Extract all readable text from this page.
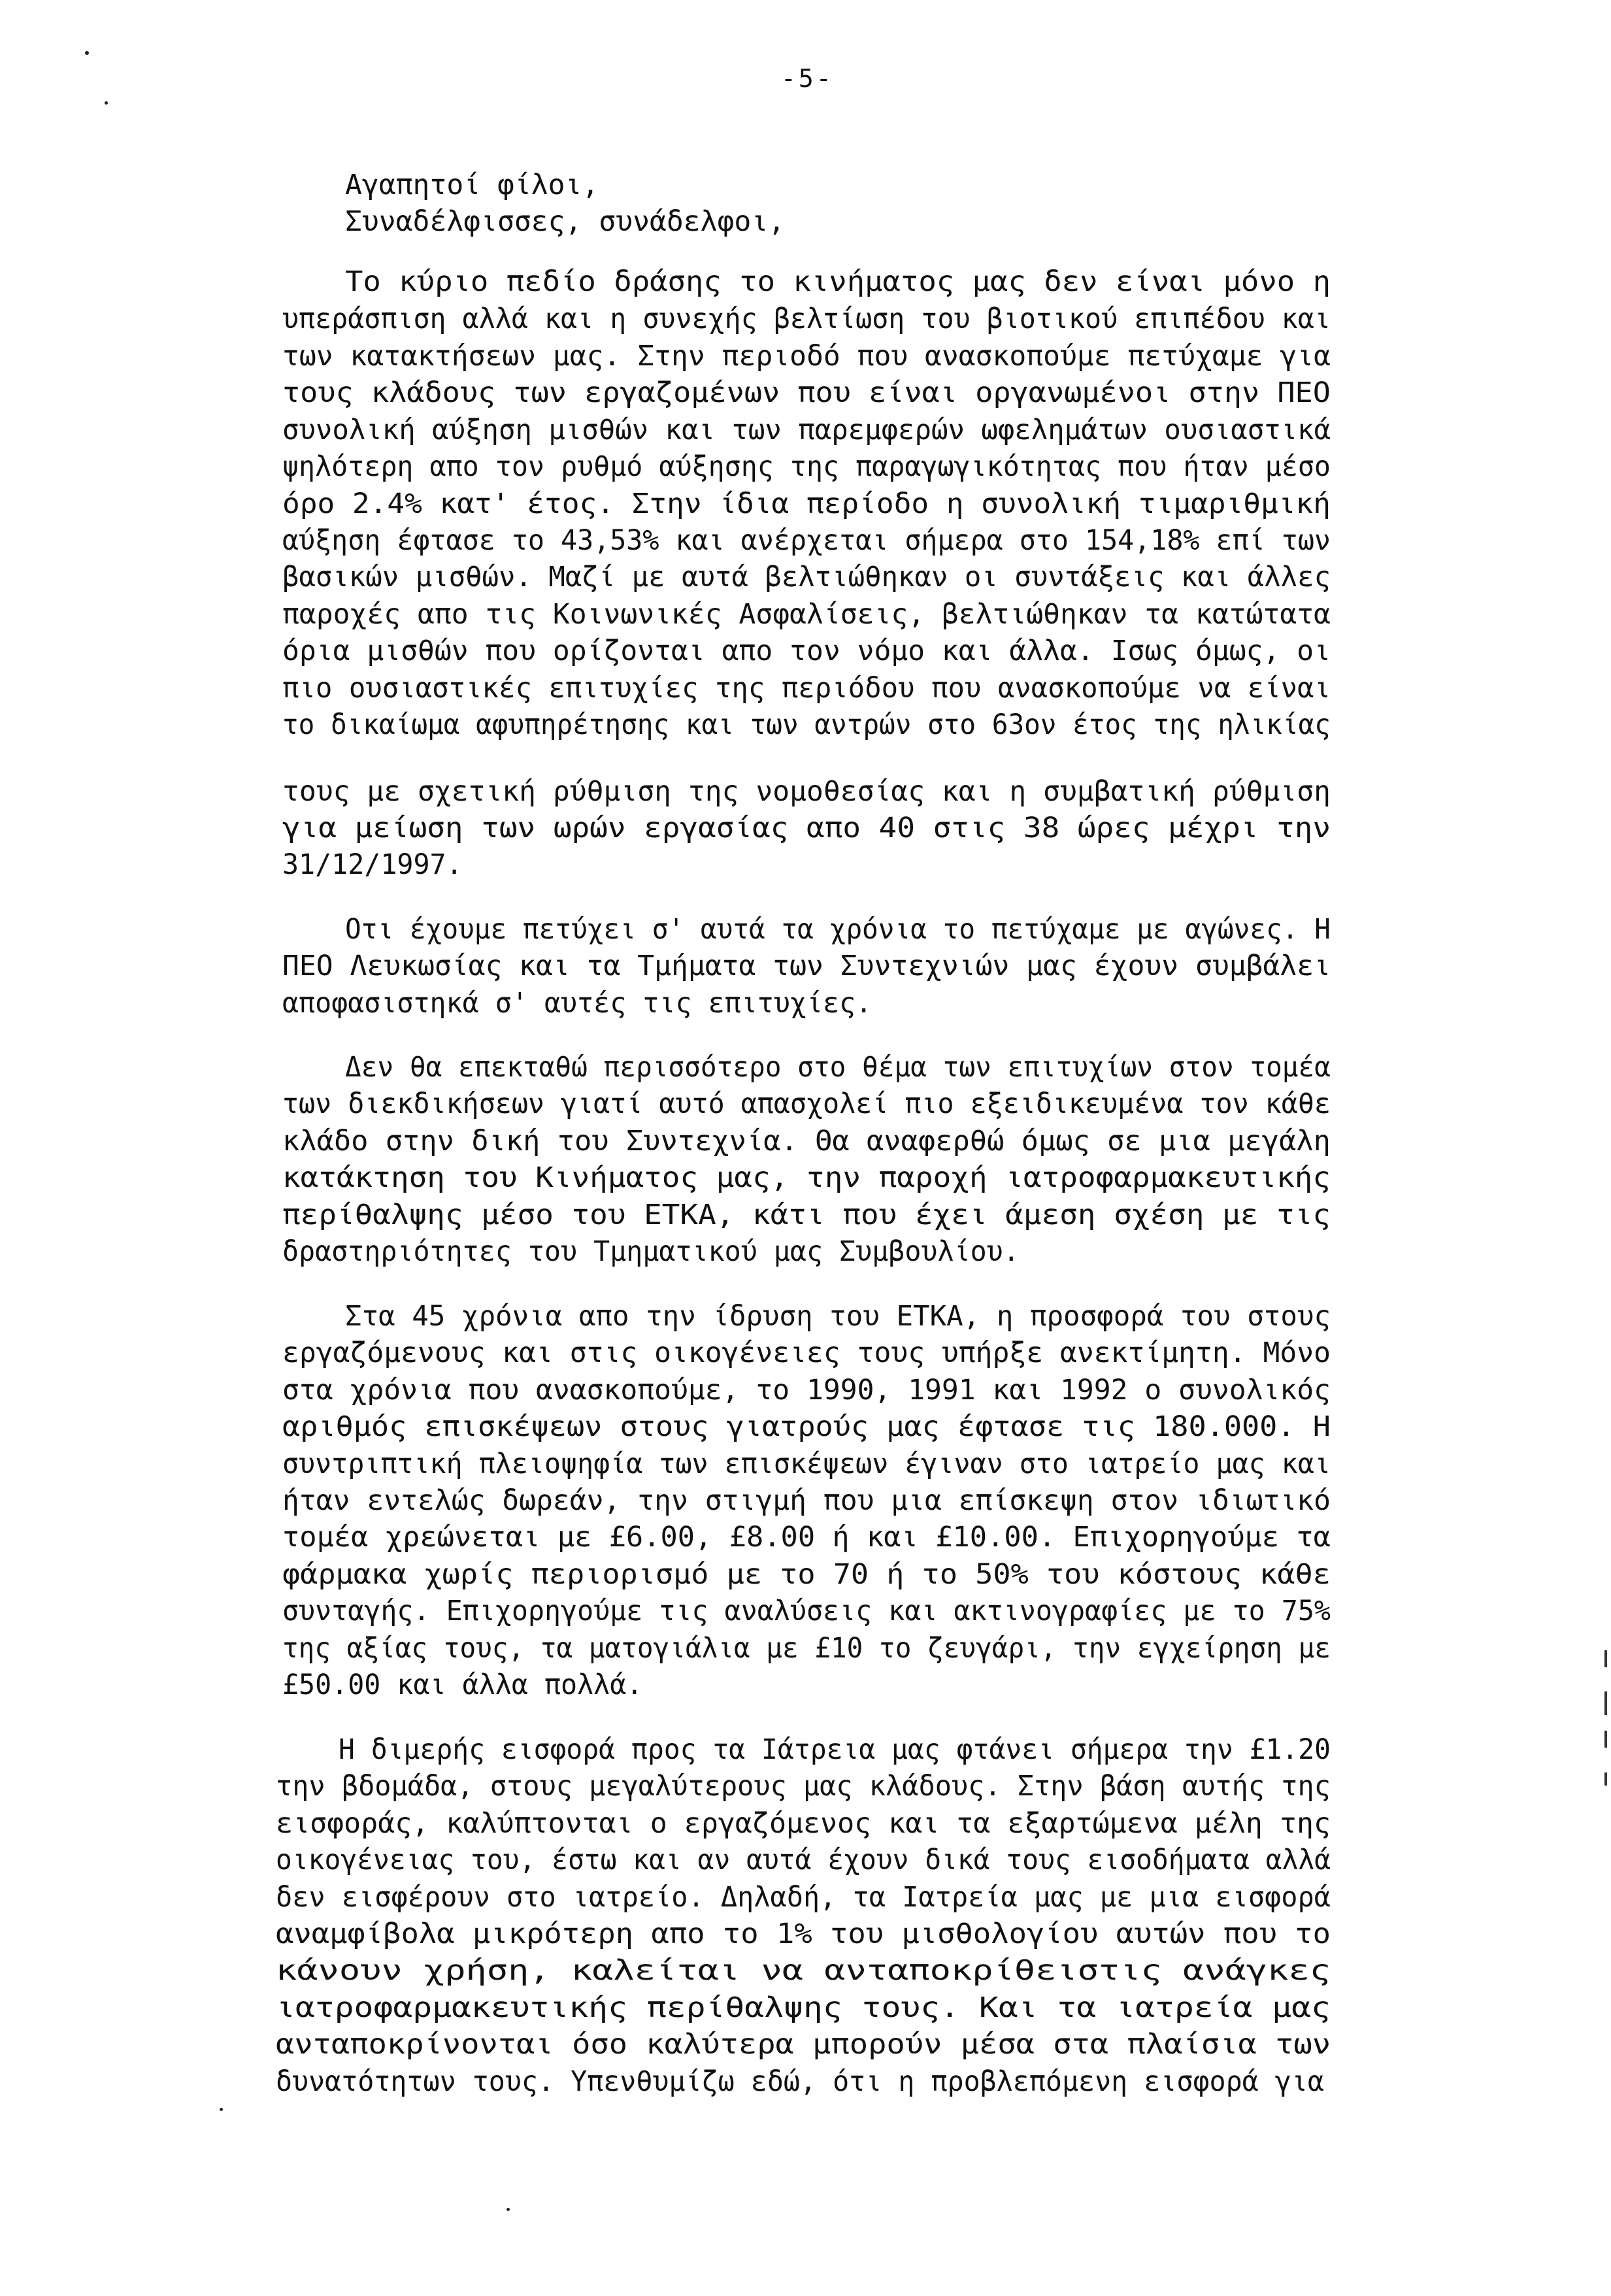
-5-
Αγαπητοί φίλοι,
Συναδέλφισσες, συνάδελφοι,
Το κύριο πεδίο δράσης το κινήματος μας δεν είναι μόνο η
υπεράσπιση αλλά και η συνεχής βελτίωση του βιοτικού επιπέδου και
των κατακτήσεων μας. Στην περιοδό που ανασκοπούμε πετύχαμε για
τους κλάδους των εργαζομένων που είναι οργανωμένοι στην ΠΕΟ
συνολική αύξηση μισθών και των παρεμφερών ωφελημάτων ουσιαστικά
ψηλότερη απο τον ρυθμό αύξησης της παραγωγικότητας που ήταν μέσο
όρο 2.4% κατ' έτος. Στην ίδια περίοδο η συνολική τιμαριθμική
αύξηση έφτασε το 43,53% και ανέρχεται σήμερα στο 154,18% επί των
βασικών μισθών. Μαζί με αυτά βελτιώθηκαν οι συντάξεις και άλλες
παροχές απο τις Κοινωνικές Ασφαλίσεις, βελτιώθηκαν τα κατώτατα
όρια μισθών που ορίζονται απο τον νόμο και άλλα. Ισως όμως, οι
πιο ουσιαστικές επιτυχίες της περιόδου που ανασκοπούμε να είναι
το δικαίωμα αφυπηρέτησης και των αντρών στο 63ον έτος της ηλικίας
τους με σχετική ρύθμιση της νομοθεσίας και η συμβατική ρύθμιση
για μείωση των ωρών εργασίας απο 40 στις 38 ώρες μέχρι την
31/12/1997.
Οτι έχουμε πετύχει σ' αυτά τα χρόνια το πετύχαμε με αγώνες. Η
ΠΕΟ Λευκωσίας και τα Τμήματα των Συντεχνιών μας έχουν συμβάλει
αποφασιστηκά σ' αυτές τις επιτυχίες.
Δεν θα επεκταθώ περισσότερο στο θέμα των επιτυχίων στον τομέα
των διεκδικήσεων γιατί αυτό απασχολεί πιο εξειδικευμένα τον κάθε
κλάδο στην δική του Συντεχνία. Θα αναφερθώ όμως σε μια μεγάλη
κατάκτηση του Κινήματος μας, την παροχή ιατροφαρμακευτικής
περίθαλψης μέσο του ΕΤΚΑ, κάτι που έχει άμεση σχέση με τις
δραστηριότητες του Τμηματικού μας Συμβουλίου.
Στα 45 χρόνια απο την ίδρυση του ΕΤΚΑ, η προσφορά του στους
εργαζόμενους και στις οικογένειες τους υπήρξε ανεκτίμητη. Μόνο
στα χρόνια που ανασκοπούμε, το 1990, 1991 και 1992 ο συνολικός
αριθμός επισκέψεων στους γιατρούς μας έφτασε τις 180.000. Η
συντριπτική πλειοψηφία των επισκέψεων έγιναν στο ιατρείο μας και
ήταν εντελώς δωρεάν, την στιγμή που μια επίσκεψη στον ιδιωτικό
τομέα χρεώνεται με £6.00, £8.00 ή και £10.00. Επιχορηγούμε τα
φάρμακα χωρίς περιορισμό με το 70 ή το 50% του κόστους κάθε
συνταγής. Επιχορηγούμε τις αναλύσεις και ακτινογραφίες με το 75%
της αξίας τους, τα ματογιάλια με £10 το ζευγάρι, την εγχείρηση με
£50.00 και άλλα πολλά.
Η διμερής εισφορά προς τα Ιάτρεια μας φτάνει σήμερα την £1.20
την βδομάδα, στους μεγαλύτερους μας κλάδους. Στην βάση αυτής της
εισφοράς, καλύπτονται ο εργαζόμενος και τα εξαρτώμενα μέλη της
οικογένειας του, έστω και αν αυτά έχουν δικά τους εισοδήματα αλλά
δεν εισφέρουν στο ιατρείο. Δηλαδή, τα Ιατρεία μας με μια εισφορά
αναμφίβολα μικρότερη απο το 1% του μισθολογίου αυτών που το
κάνουν χρήση, καλείται να ανταποκρίθειστις ανάγκες
ιατροφαρμακευτικής περίθαλψης τους. Και τα ιατρεία μας
ανταποκρίνονται όσο καλύτερα μπορούν μέσα στα πλαίσια των
δυνατότητων τους. Υπενθυμίζω εδώ, ότι η προβλεπόμενη εισφορά για
